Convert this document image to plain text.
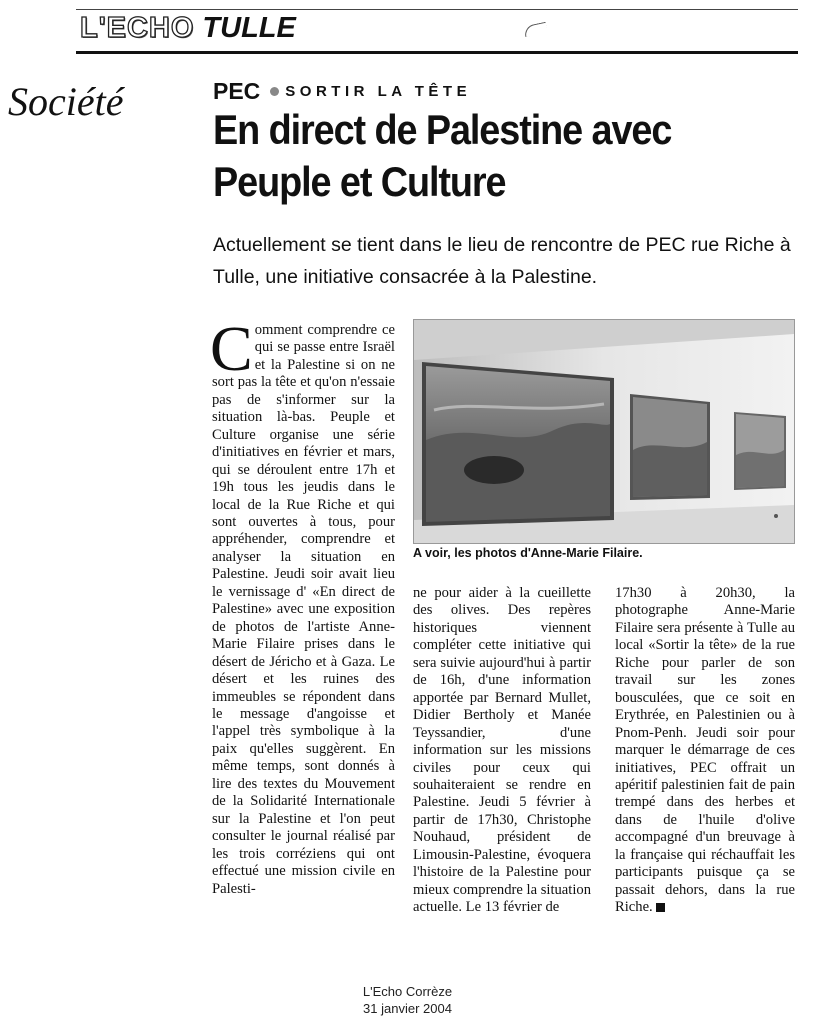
L'ECHO TULLE
Société	PEC SORTIR LA TÊTE
En direct de Palestine avec Peuple et Culture

Actuellement se tient dans le lieu de rencontre de PEC rue Riche à Tulle, une initiative consacrée à la Palestine.

Comment comprendre ce qui se passe entre Israël et la Palestine si on ne sort pas la tête et qu'on n'essaie pas de s'informer sur la situation là-bas. Peuple et Culture organise une série d'initiatives en février et mars, qui se déroulent entre 17h et 19h tous les jeudis dans le local de la Rue Riche et qui sont ouvertes à tous, pour appréhender, comprendre et analyser la situation en Palestine. Jeudi soir avait lieu le vernissage d' «En direct de Palestine» avec une exposition de photos de l'artiste Anne-Marie Filaire prises dans le désert de Jéricho et à Gaza. Le désert et les ruines des immeubles se répondent dans le message d'angoisse et l'appel très symbolique à la paix qu'elles suggèrent. En même temps, sont donnés à lire des textes du Mouvement de la Solidarité Internationale sur la Palestine et l'on peut consulter le journal réalisé par les trois corréziens qui ont effectué une mission civile en Palesti-

A voir, les photos d'Anne-Marie Filaire.

ne pour aider à la cueillette des olives. Des repères historiques viennent compléter cette initiative qui sera suivie aujourd'hui à partir de 16h, d'une information apportée par Bernard Mullet, Didier Bertholy et Manée Teyssandier, d'une information sur les missions civiles pour ceux qui souhaiteraient se rendre en Palestine. Jeudi 5 février à partir de 17h30, Christophe Nouhaud, président de Limousin-Palestine, évoquera l'histoire de la Palestine pour mieux comprendre la situation actuelle. Le 13 février de

17h30 à 20h30, la photographe Anne-Marie Filaire sera présente à Tulle au local «Sortir la tête» de la rue Riche pour parler de son travail sur les zones bousculées, que ce soit en Erythrée, en Palestinien ou à Pnom-Penh. Jeudi soir pour marquer le démarrage de ces initiatives, PEC offrait un apéritif palestinien fait de pain trempé dans des herbes et dans de l'huile d'olive accompagné d'un breuvage à la française qui réchauffait les participants puisque ça se passait dehors, dans la rue Riche.

L'Echo Corrèze
31 janvier 2004
